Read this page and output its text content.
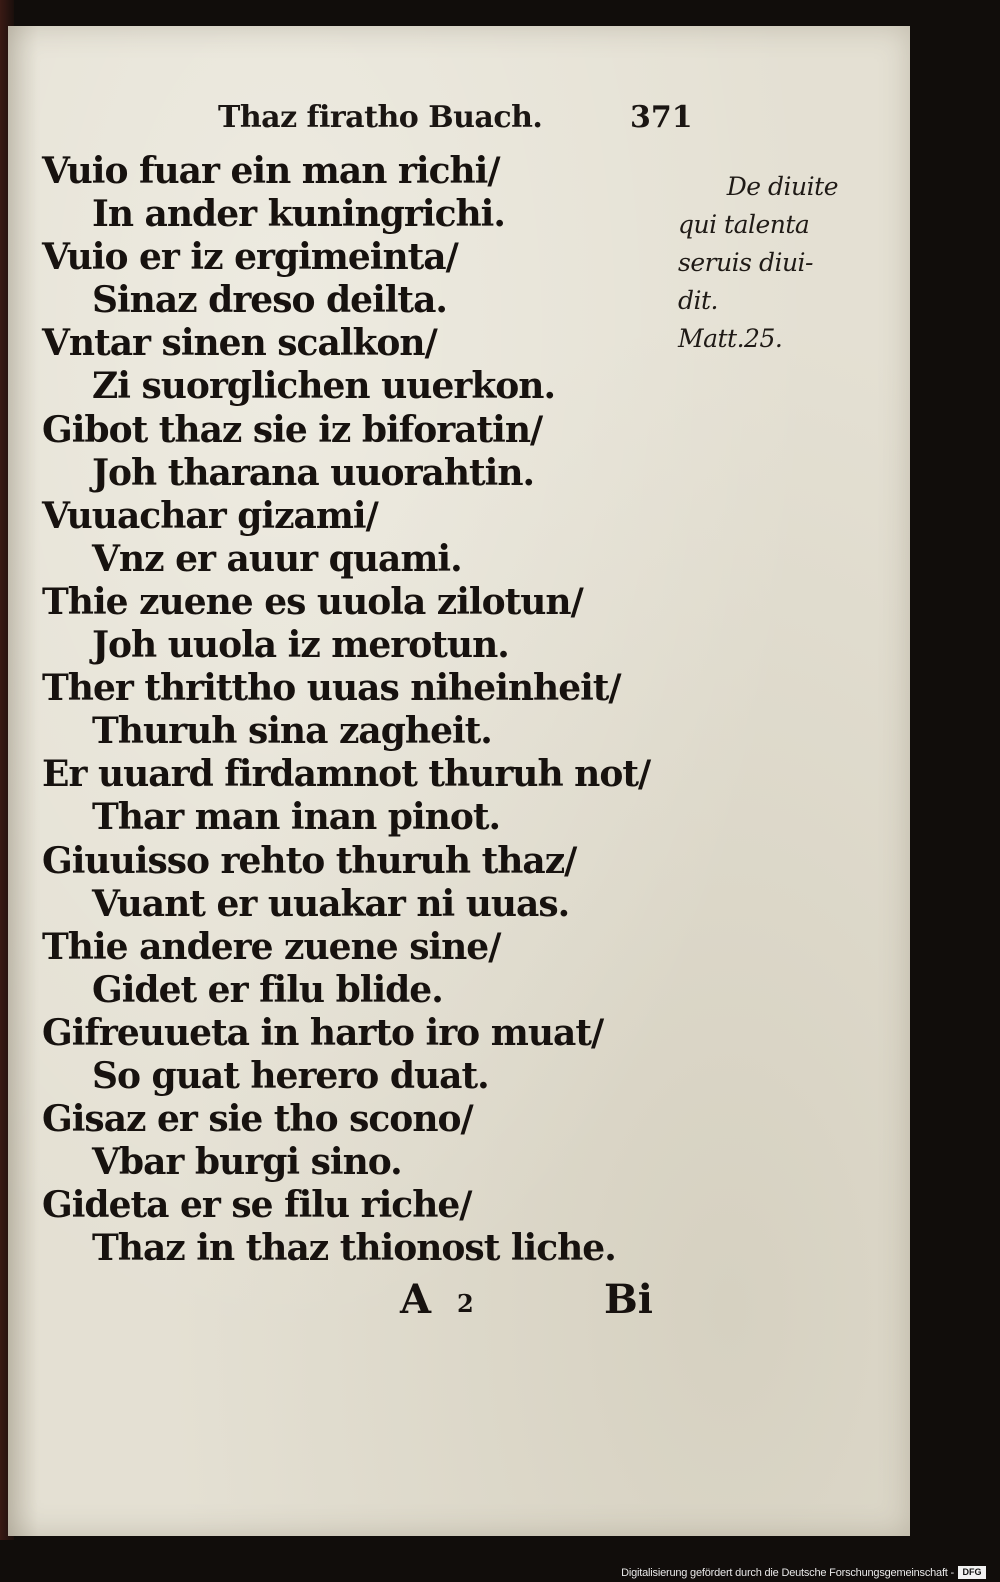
Thaz firatho Buach.	371
Vuio fuar ein man richi/
In ander kuningrichi.
Vuio er iz ergimeinta/
Sinaz dreso deilta.
Vntar sinen scalkon/
Zi suorglichen uuerkon.
Gibot thaz sie iz biforatin/
Joh tharana uuorahtin.
Vuuachar gizami/
Vnz er auur quami.
Thie zuene es uuola zilotun/
Joh uuola iz merotun.
Ther thrittho uuas niheinheit/
Thuruh sina zagheit.
Er uuard firdamnot thuruh not/
Thar man inan pinot.
Giuuisso rehto thuruh thaz/
Vuant er uuakar ni uuas.
Thie andere zuene sine/
Gidet er filu blide.
Gifreuueta in harto iro muat/
So guat herero duat.
Gisaz er sie tho scono/
Vbar burgi sino.
Gideta er se filu riche/
Thaz in thaz thionost liche.
De diuite
qui talenta
seruis diui-
dit.
Matt.25.
A 2	Bi
Digitalisierung gefördert durch die Deutsche Forschungsgemeinschaft - DFG
